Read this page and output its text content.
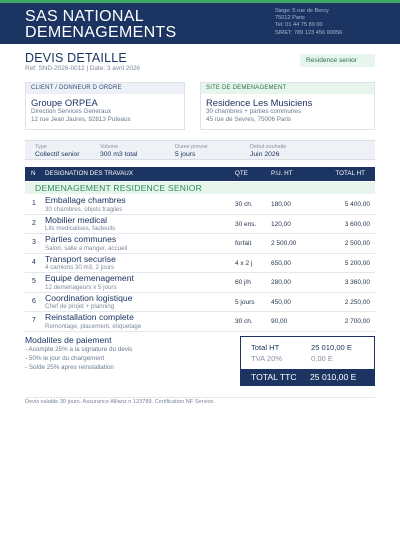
SAS NATIONAL
DEMENAGEMENTS
Siege: 5 rue de Bercy
75012 Paris
Tel: 01 44 75 89 00
SIRET: 789 123 456 00056
DEVIS DETAILLE
Ref: SND-2026-0012 | Date: 3 avril 2026
Residence senior
CLIENT / DONNEUR D ORDRE
Groupe ORPEA
Direction Services Generaux
12 rue Jean Jaures, 92813 Puteaux
SITE DE DEMENAGEMENT
Residence Les Musiciens
30 chambres + parties communes
45 rue de Sevres, 75006 Paris
Type
Collectif senior
Volume
300 m3 total
Duree prevue
5 jours
Debut souhaite
Juin 2026
N DESIGNATION DES TRAVAUX	QTE	P.U. HT	TOTAL HT
DEMENAGEMENT RESIDENCE SENIOR
1 Emballage chambres
30 chambres, objets fragiles
30 ch.	180,00	5 400,00
2 Mobilier medical
Lits medicalises, fauteuils
30 ens. 120,00	3 600,00
3 Parties communes
Salon, salle a manger, accueil
forfait	2 500,00	2 500,00
4 Transport securise
4 camions 30 m3, 2 jours
4 x 2 j	650,00	5 200,00
5 Equipe demenagement
12 demenageurs x 5 jours
60 j/h	280,00	3 360,00
6 Coordination logistique
Chef de projet + planning
5 jours	450,00	2 250,00
7 Reinstallation complete
Remontage, placement, etiquetage
30 ch.	90,00	2 700,00
Modalites de paiement
- Acompte 25% a la signature du devis
- 50% le jour du chargement
- Solde 25% apres reinstallation
Total HT	25 010,00 E
TVA 20%	0,00 E
TOTAL TTC 25 010,00 E
Devis valable 30 jours. Assurance Allianz n 123789. Certification NF Service.
